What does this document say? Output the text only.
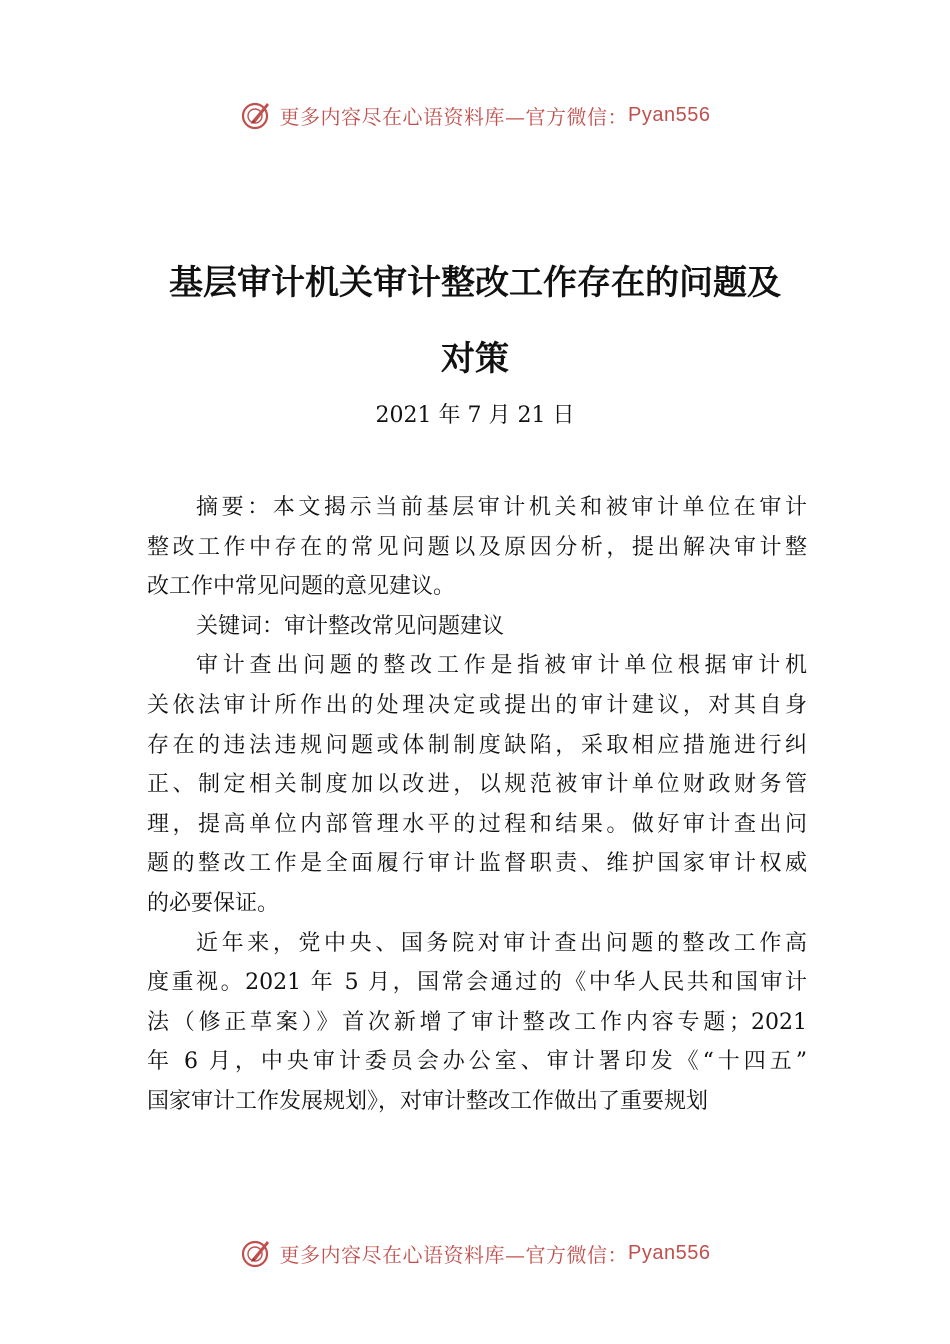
更多内容尽在心语资料库—官方微信： Pyan556
基层审计机关审计整改工作存在的问题及
对策
2021 年 7 月 21 日
摘要：本文揭示当前基层审计机关和被审计单位在审计
整改工作中存在的常见问题以及原因分析，提出解决审计整
改工作中常见问题的意见建议。
关键词：审计整改常见问题建议
审计查出问题的整改工作是指被审计单位根据审计机
关依法审计所作出的处理决定或提出的审计建议，对其自身
存在的违法违规问题或体制制度缺陷，采取相应措施进行纠
正、制定相关制度加以改进，以规范被审计单位财政财务管
理，提高单位内部管理水平的过程和结果。做好审计查出问
题的整改工作是全面履行审计监督职责、维护国家审计权威
的必要保证。
近年来，党中央、国务院对审计查出问题的整改工作高
度重视。2021 年 5 月，国常会通过的《中华人民共和国审计
法（修正草案）》首次新增了审计整改工作内容专题；2021
年 6 月，中央审计委员会办公室、审计署印发《“十四五”
国家审计工作发展规划》，对审计整改工作做出了重要规划
更多内容尽在心语资料库—官方微信： Pyan556
